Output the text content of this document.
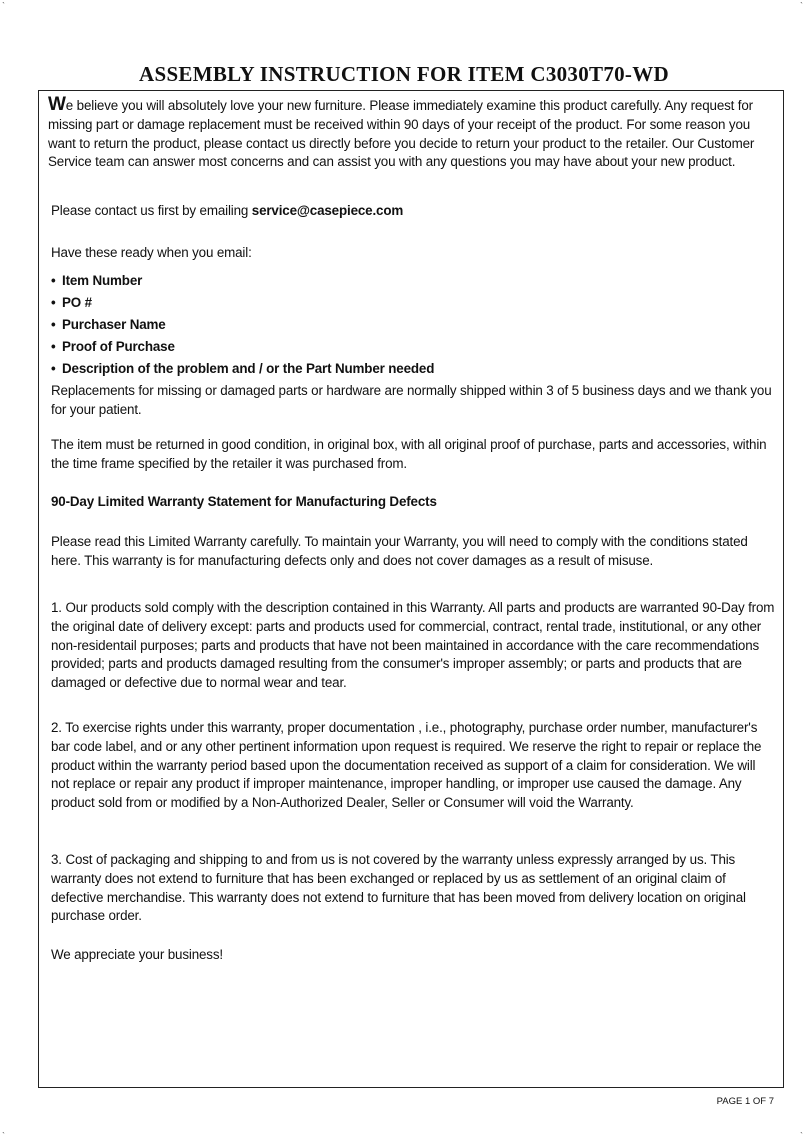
`	`
`	`
ASSEMBLY INSTRUCTION FOR ITEM C3030T70-WD

We believe you will absolutely love your new furniture. Please immediately examine this product carefully. Any request for missing part or damage replacement must be received within 90 days of your receipt of the product. For some reason you want to return the product, please contact us directly before you decide to return your product to the retailer. Our Customer Service team can answer most concerns and can assist you with any questions you may have about your new product.

Please contact us first by emailing service@casepiece.com

Have these ready when you email:

• Item Number
• PO #
• Purchaser Name
• Proof of Purchase
• Description of the problem and / or the Part Number needed

Replacements for missing or damaged parts or hardware are normally shipped within 3 of 5 business days and we thank you for your patient.

The item must be returned in good condition, in original box, with all original proof of purchase, parts and accessories, within the time frame specified by the retailer it was purchased from.

90-Day Limited Warranty Statement for Manufacturing Defects

Please read this Limited Warranty carefully. To maintain your Warranty, you will need to comply with the conditions stated here. This warranty is for manufacturing defects only and does not cover damages as a result of misuse.

1. Our products sold comply with the description contained in this Warranty. All parts and products are warranted 90-Day from the original date of delivery except: parts and products used for commercial, contract, rental trade, institutional, or any other non-residentail purposes; parts and products that have not been maintained in accordance with the care recommendations provided; parts and products damaged resulting from the consumer's improper assembly; or parts and products that are damaged or defective due to normal wear and tear.

2. To exercise rights under this warranty, proper documentation , i.e., photography, purchase order number, manufacturer's bar code label, and or any other pertinent information upon request is required. We reserve the right to repair or replace the product within the warranty period based upon the documentation received as support of a claim for consideration. We will not replace or repair any product if improper maintenance, improper handling, or improper use caused the damage. Any product sold from or modified by a Non-Authorized Dealer, Seller or Consumer will void the Warranty.

3. Cost of packaging and shipping to and from us is not covered by the warranty unless expressly arranged by us. This warranty does not extend to furniture that has been exchanged or replaced by us as settlement of an original claim of defective merchandise. This warranty does not extend to furniture that has been moved from delivery location on original purchase order.

We appreciate your business!

PAGE 1 OF 7
